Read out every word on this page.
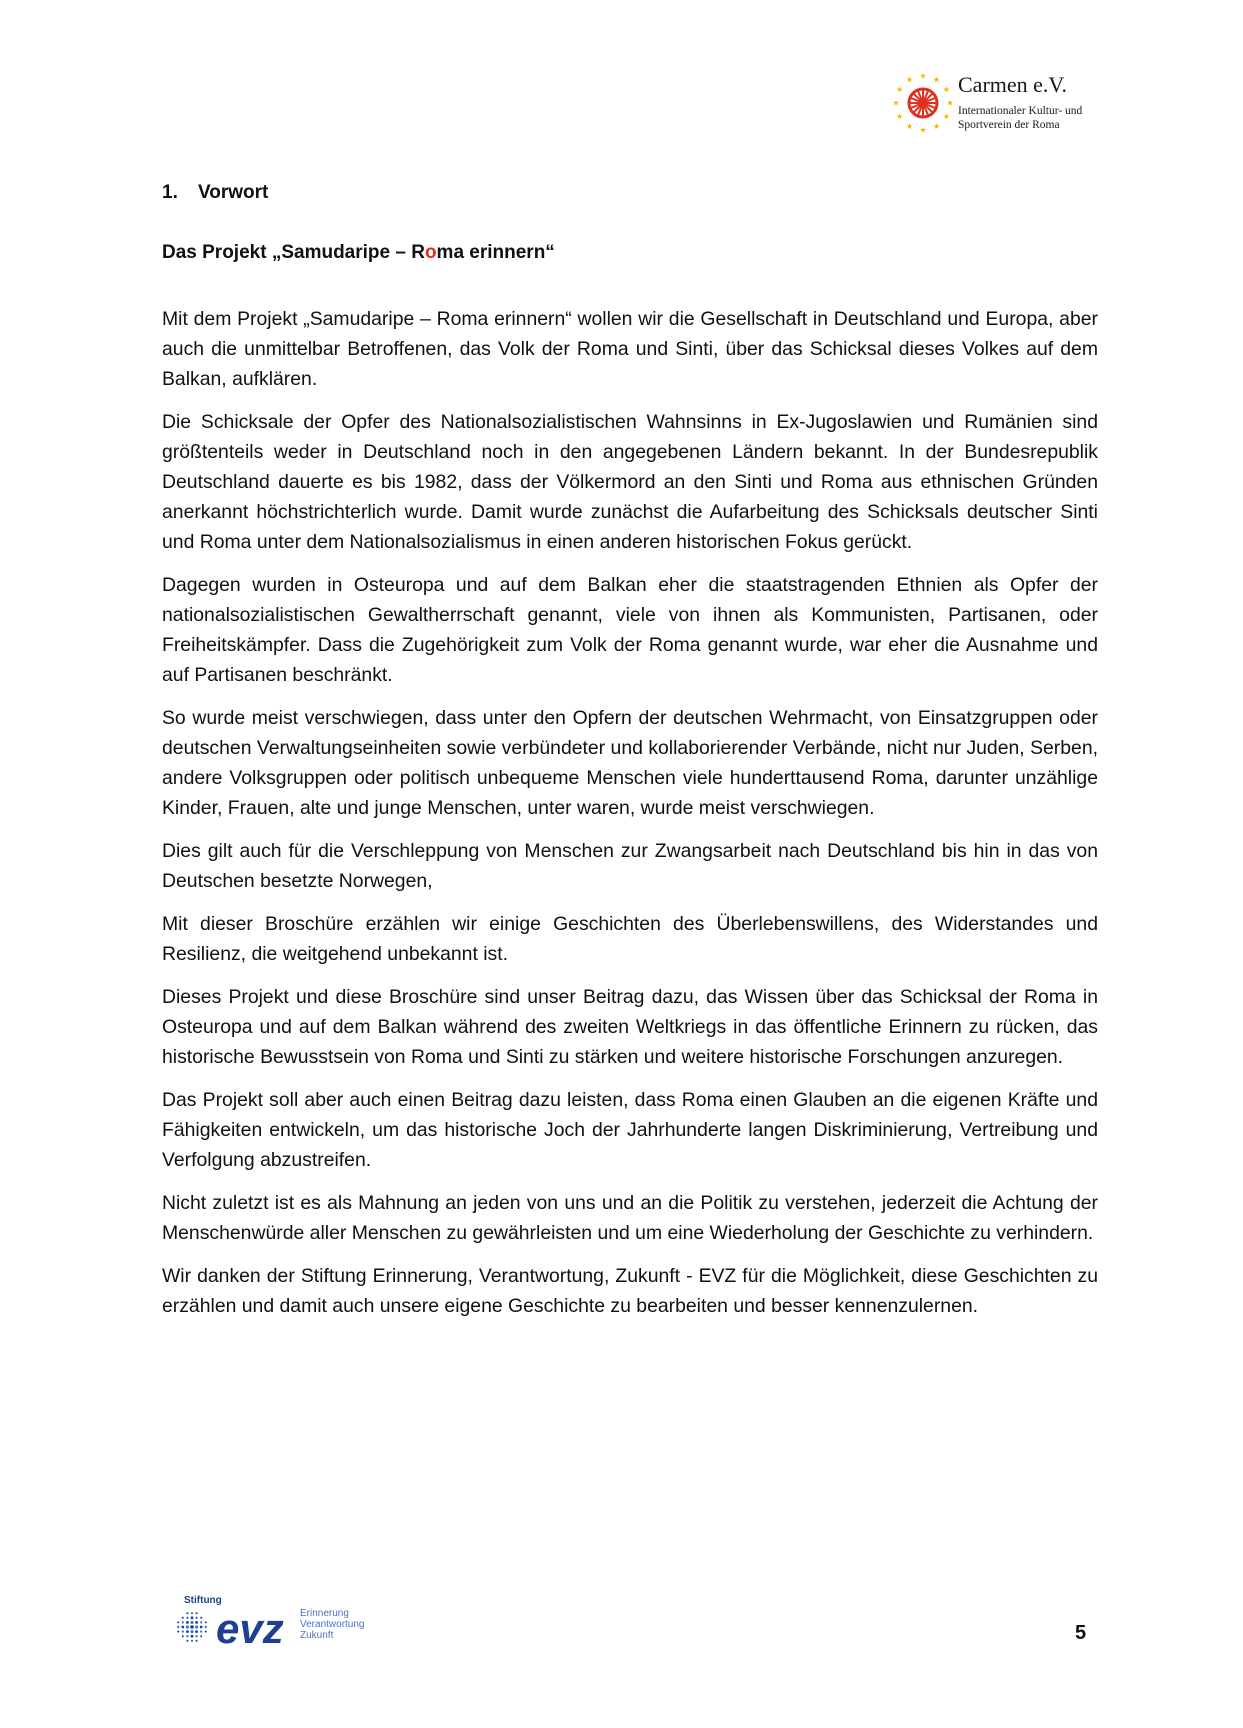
Carmen e.V.
Internationaler Kultur- und Sportverein der Roma
1. Vorwort
Das Projekt „Samudaripe – Roma erinnern“

Mit dem Projekt „Samudaripe – Roma erinnern“ wollen wir die Gesellschaft in Deutschland und Europa, aber auch die unmittelbar Betroffenen, das Volk der Roma und Sinti, über das Schicksal dieses Volkes auf dem Balkan, aufklären.

Die Schicksale der Opfer des Nationalsozialistischen Wahnsinns in Ex-Jugoslawien und Rumänien sind größtenteils weder in Deutschland noch in den angegebenen Ländern bekannt. In der Bundesrepublik Deutschland dauerte es bis 1982, dass der Völkermord an den Sinti und Roma aus ethnischen Gründen anerkannt höchstrichterlich wurde. Damit wurde zunächst die Aufarbeitung des Schicksals deutscher Sinti und Roma unter dem Nationalsozialismus in einen anderen historischen Fokus gerückt.

Dagegen wurden in Osteuropa und auf dem Balkan eher die staatstragenden Ethnien als Opfer der nationalsozialistischen Gewaltherrschaft genannt, viele von ihnen als Kommunisten, Partisanen, oder Freiheitskämpfer. Dass die Zugehörigkeit zum Volk der Roma genannt wurde, war eher die Ausnahme und auf Partisanen beschränkt.

So wurde meist verschwiegen, dass unter den Opfern der deutschen Wehrmacht, von Einsatzgruppen oder deutschen Verwaltungseinheiten sowie verbündeter und kollaborierender Verbände, nicht nur Juden, Serben, andere Volksgruppen oder politisch unbequeme Menschen viele hunderttausend Roma, darunter unzählige Kinder, Frauen, alte und junge Menschen, unter waren, wurde meist verschwiegen.

Dies gilt auch für die Verschleppung von Menschen zur Zwangsarbeit nach Deutschland bis hin in das von Deutschen besetzte Norwegen,

Mit dieser Broschüre erzählen wir einige Geschichten des Überlebenswillens, des Widerstandes und Resilienz, die weitgehend unbekannt ist.

Dieses Projekt und diese Broschüre sind unser Beitrag dazu, das Wissen über das Schicksal der Roma in Osteuropa und auf dem Balkan während des zweiten Weltkriegs in das öffentliche Erinnern zu rücken, das historische Bewusstsein von Roma und Sinti zu stärken und weitere historische Forschungen anzuregen.

Das Projekt soll aber auch einen Beitrag dazu leisten, dass Roma einen Glauben an die eigenen Kräfte und Fähigkeiten entwickeln, um das historische Joch der Jahrhunderte langen Diskriminierung, Vertreibung und Verfolgung abzustreifen.

Nicht zuletzt ist es als Mahnung an jeden von uns und an die Politik zu verstehen, jederzeit die Achtung der Menschenwürde aller Menschen zu gewährleisten und um eine Wiederholung der Geschichte zu verhindern.

Wir danken der Stiftung Erinnerung, Verantwortung, Zukunft - EVZ für die Möglichkeit, diese Geschichten zu erzählen und damit auch unsere eigene Geschichte zu bearbeiten und besser kennenzulernen.

evz
Stiftung
Erinnerung
Verantwortung
Zukunft	5
